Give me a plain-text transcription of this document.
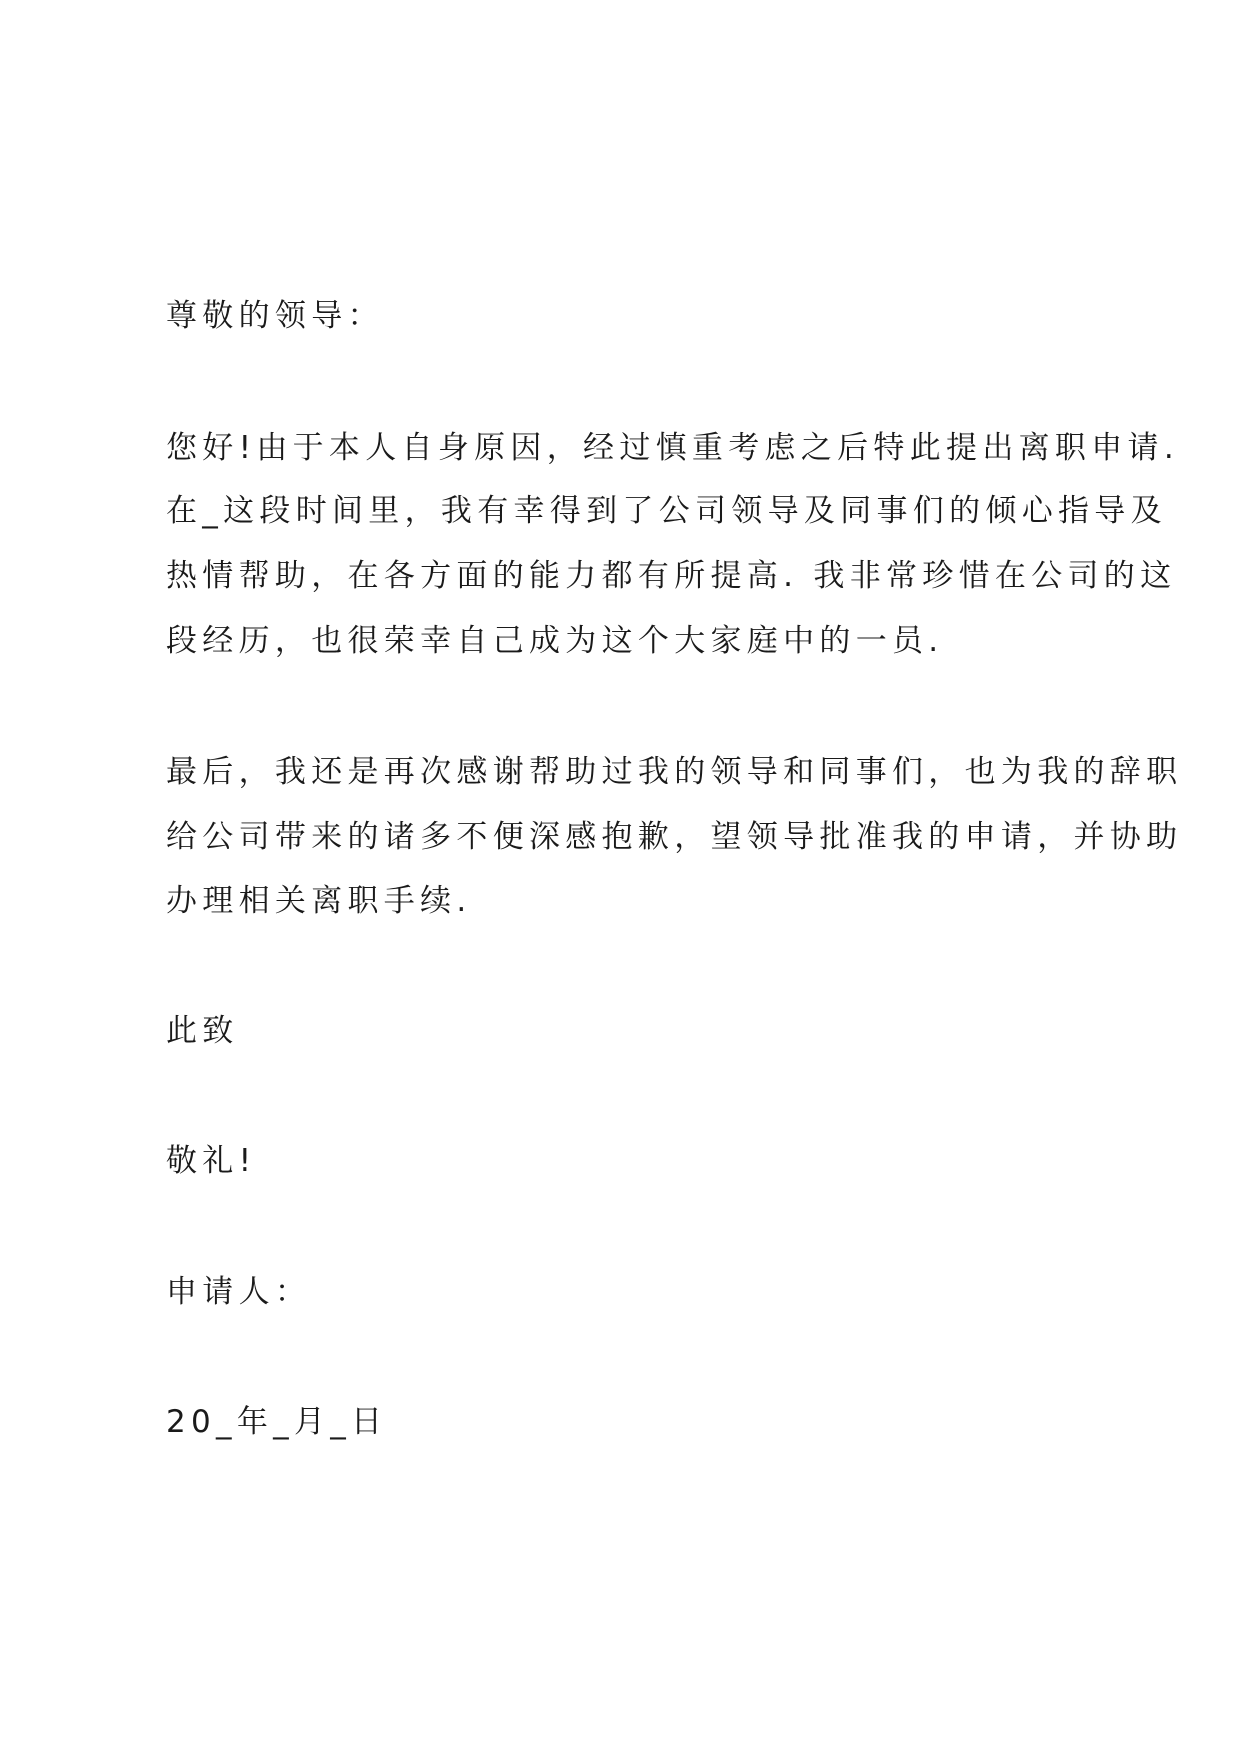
尊敬的领导：
您好!由于本人自身原因，经过慎重考虑之后特此提出离职申请.
在_这段时间里，我有幸得到了公司领导及同事们的倾心指导及
热情帮助，在各方面的能力都有所提高. 我非常珍惜在公司的这
段经历，也很荣幸自己成为这个大家庭中的一员.
最后，我还是再次感谢帮助过我的领导和同事们，也为我的辞职
给公司带来的诸多不便深感抱歉，望领导批准我的申请，并协助
办理相关离职手续.
此致
敬礼!
申请人：
20_年_月_日
